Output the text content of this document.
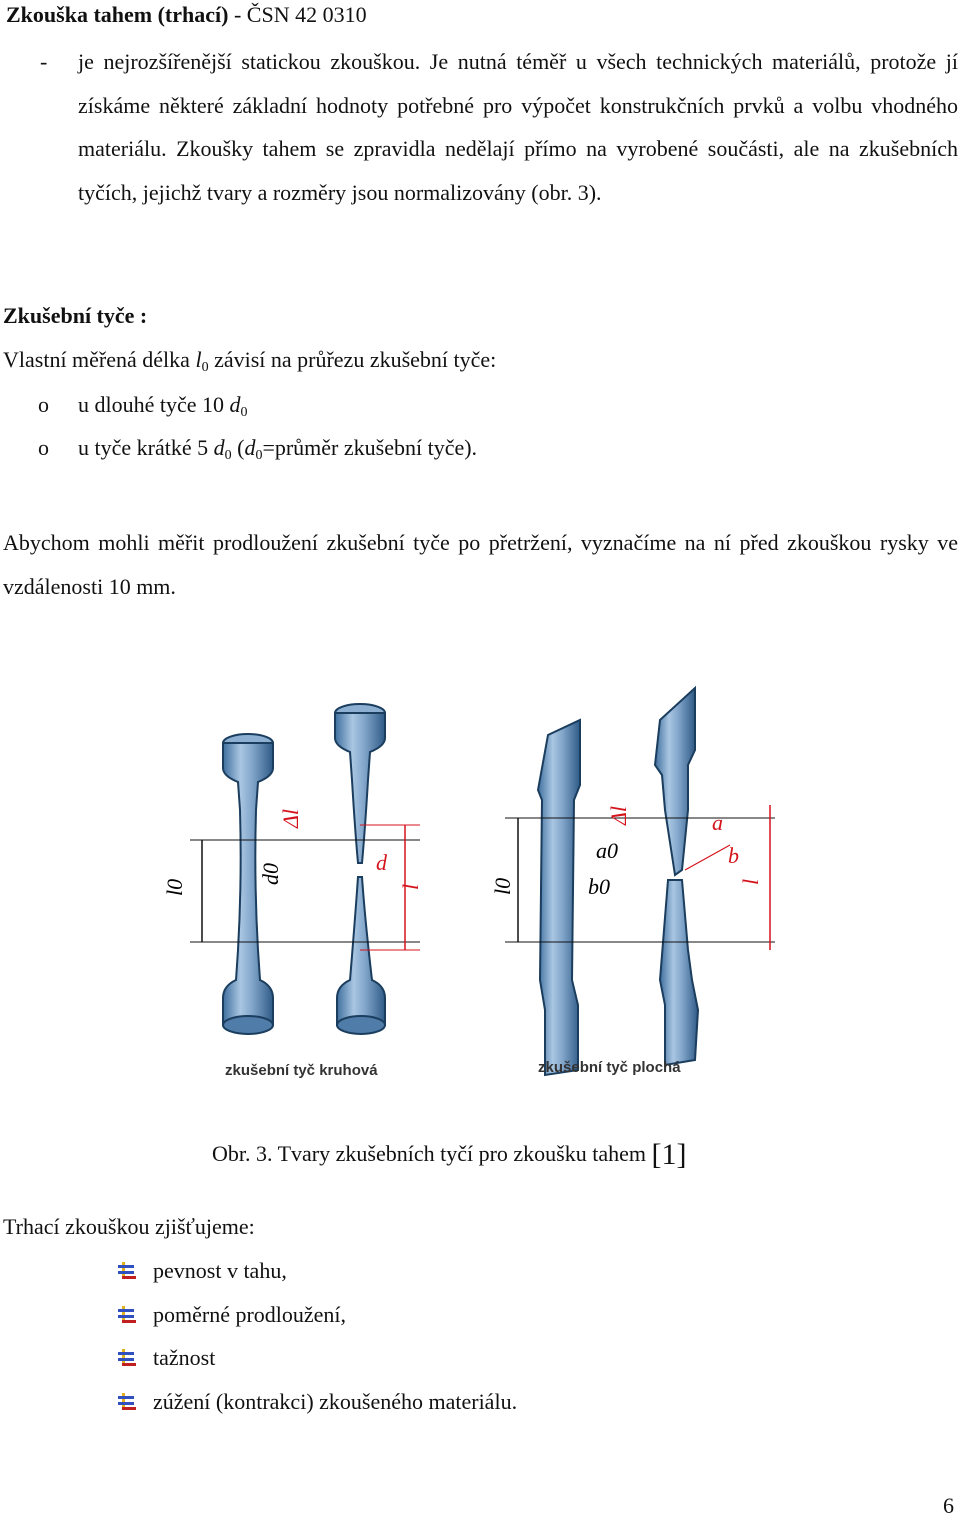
Zkouška tahem (trhací) - ČSN 42 0310
- je nejrozšířenější statickou zkouškou. Je nutná téměř u všech technických materiálů, protože jí získáme některé základní hodnoty potřebné pro výpočet konstrukčních prvků a volbu vhodného materiálu. Zkoušky tahem se zpravidla nedělají přímo na vyrobené součásti, ale na zkušebních tyčích, jejichž tvary a rozměry jsou normalizovány (obr. 3).
Zkušební tyče :
Vlastní měřená délka $l_0$ závisí na průřezu zkušební tyče:
o u dlouhé tyče 10 $d_0$
o u tyče krátké 5 $d_0$ ($d_0=průměr$ zkušební tyče).
Abychom mohli měřit prodloužení zkušební tyče po přetržení, vyznačíme na ní před zkouškou rysky ve vzdálenosti 10 mm.
l0
d0
l
Δl
d
l0
a0
b0	l
Δl	a
b
zkušební tyč kruhová	zkušební tyč plochá
Obr. 3. Tvary zkušebních tyčí pro zkoušku tahem [1]
Trhací zkouškou zjišťujeme:
pevnost v tahu,
poměrné prodloužení,
tažnost
zúžení (kontrakci) zkoušeného materiálu.
6
